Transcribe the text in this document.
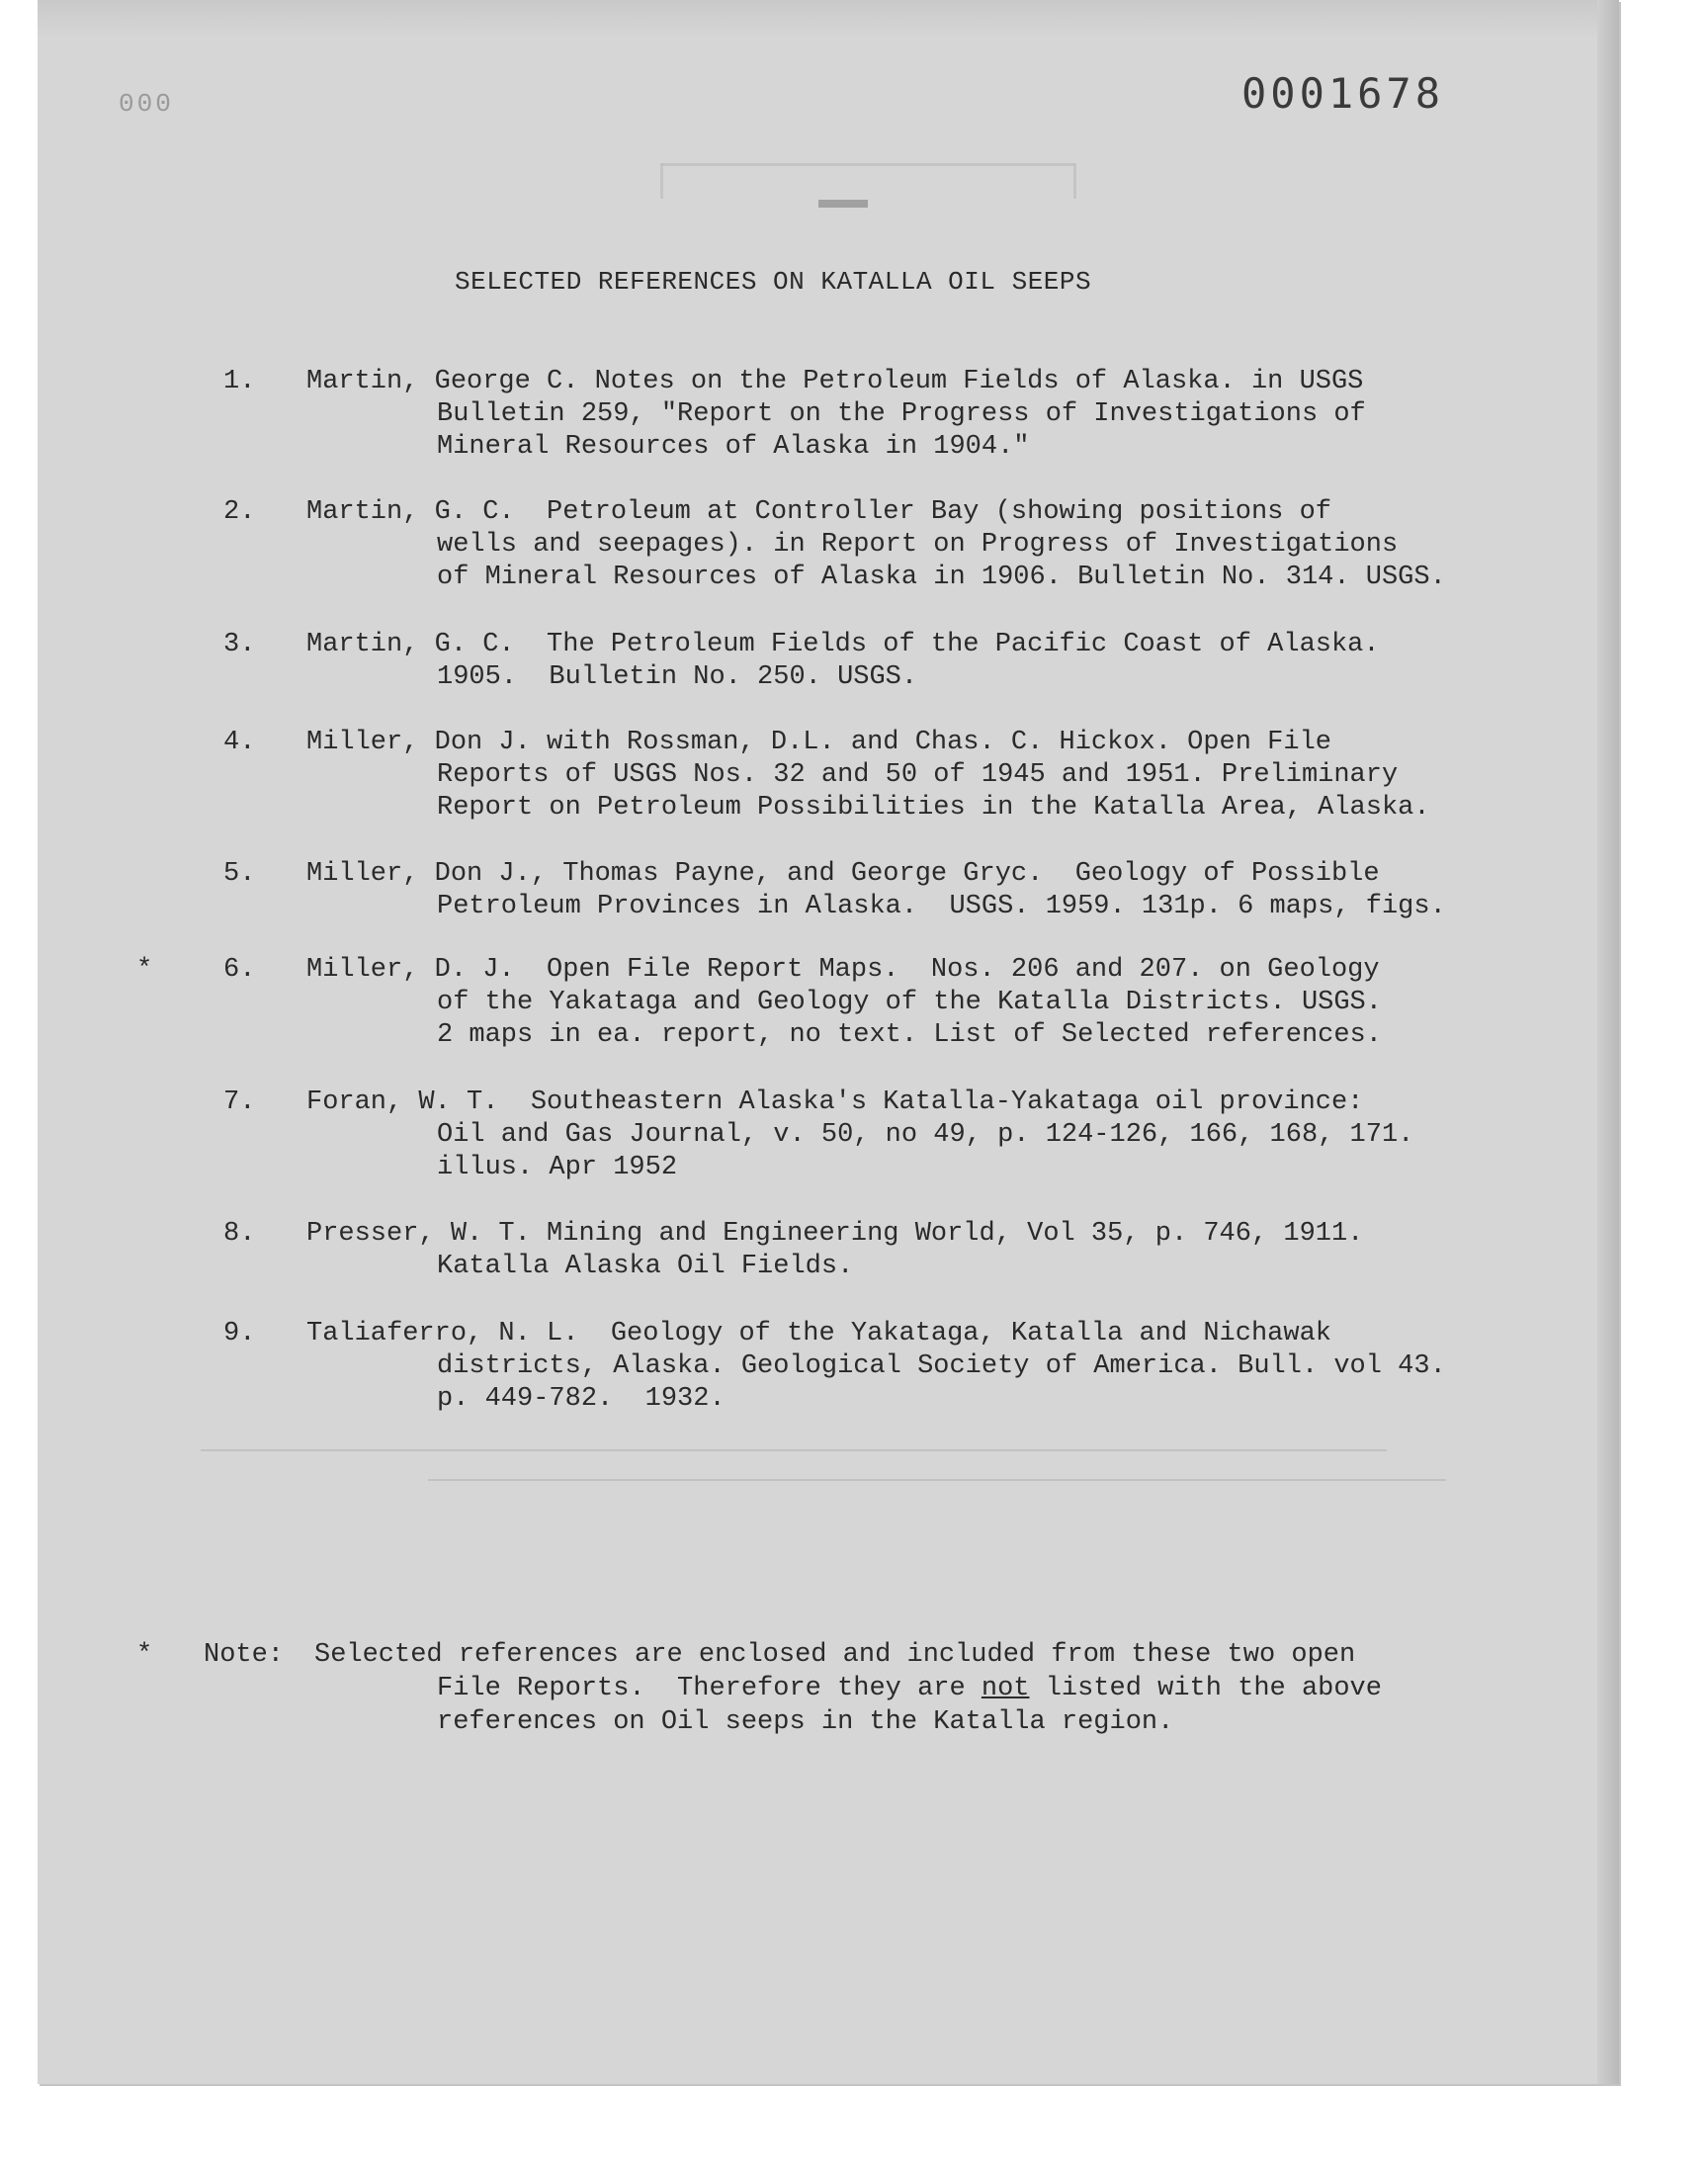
000	0001678
SELECTED REFERENCES ON KATALLA OIL SEEPS
1. Martin, George C. Notes on the Petroleum Fields of Alaska. in USGS
Bulletin 259, "Report on the Progress of Investigations of
Mineral Resources of Alaska in 1904."
2. Martin, G. C.  Petroleum at Controller Bay (showing positions of
wells and seepages). in Report on Progress of Investigations
of Mineral Resources of Alaska in 1906. Bulletin No. 314. USGS.
3. Martin, G. C.  The Petroleum Fields of the Pacific Coast of Alaska.
1905.  Bulletin No. 250. USGS.
4. Miller, Don J. with Rossman, D.L. and Chas. C. Hickox. Open File
Reports of USGS Nos. 32 and 50 of 1945 and 1951. Preliminary
Report on Petroleum Possibilities in the Katalla Area, Alaska.
5. Miller, Don J., Thomas Payne, and George Gryc.  Geology of Possible
Petroleum Provinces in Alaska.  USGS. 1959. 131p. 6 maps, figs.
*	6. Miller, D. J.  Open File Report Maps.  Nos. 206 and 207. on Geology
of the Yakataga and Geology of the Katalla Districts. USGS.
2 maps in ea. report, no text. List of Selected references.
7. Foran, W. T.  Southeastern Alaska's Katalla-Yakataga oil province:
Oil and Gas Journal, v. 50, no 49, p. 124-126, 166, 168, 171.
illus. Apr 1952
8. Presser, W. T. Mining and Engineering World, Vol 35, p. 746, 1911.
Katalla Alaska Oil Fields.
9. Taliaferro, N. L.  Geology of the Yakataga, Katalla and Nichawak
districts, Alaska. Geological Society of America. Bull. vol 43.
p. 449-782.  1932.
* Note: Selected references are enclosed and included from these two open
File Reports.  Therefore they are not listed with the above
references on Oil seeps in the Katalla region.
